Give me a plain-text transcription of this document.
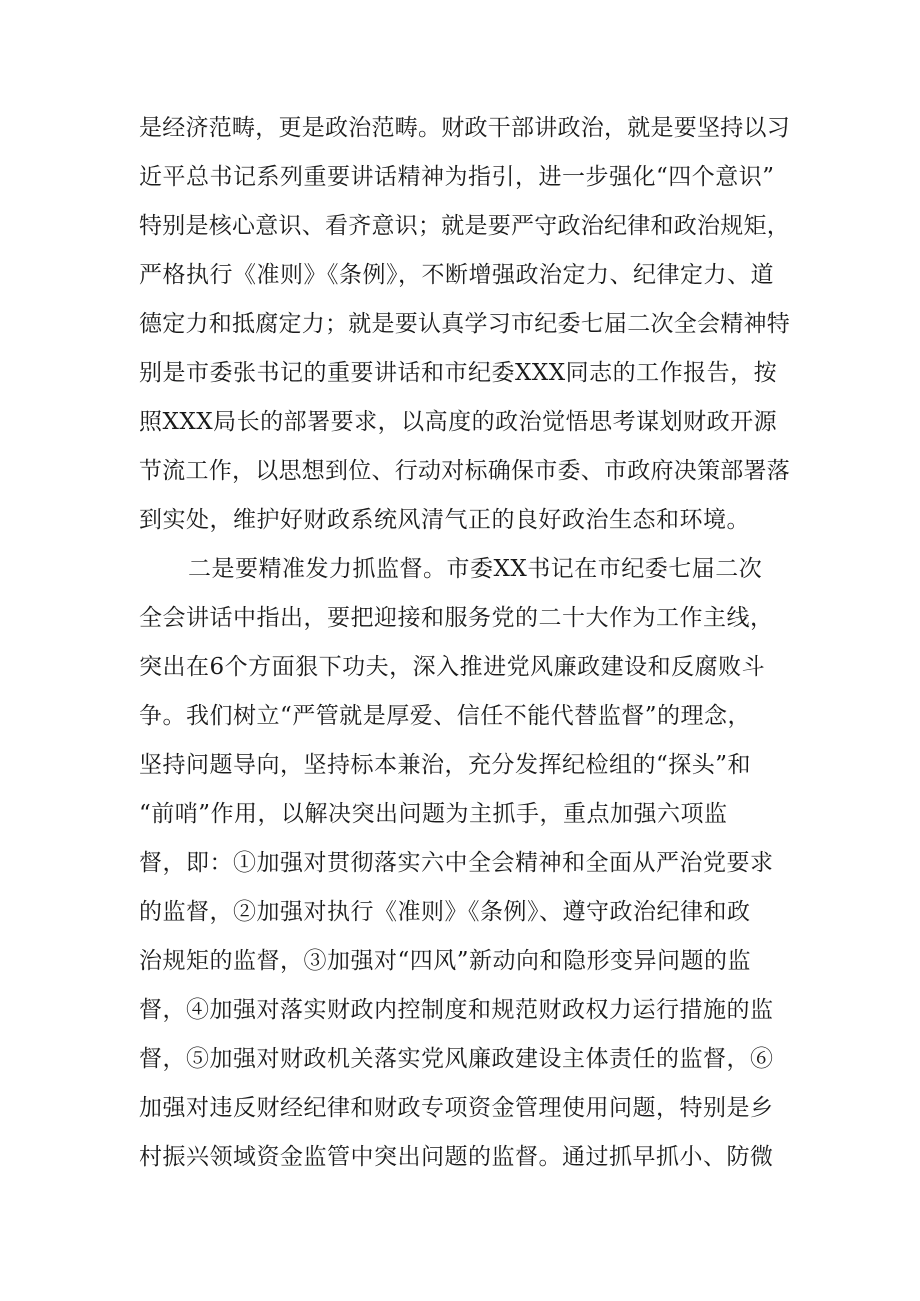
是经济范畴，更是政治范畴。财政干部讲政治，就是要坚持以习
近平总书记系列重要讲话精神为指引，进一步强化“四个意识”
特别是核心意识、看齐意识；就是要严守政治纪律和政治规矩，
严格执行《准则》《条例》，不断增强政治定力、纪律定力、道
德定力和抵腐定力；就是要认真学习市纪委七届二次全会精神特
别是市委张书记的重要讲话和市纪委XXX同志的工作报告，按
照XXX局长的部署要求，以高度的政治觉悟思考谋划财政开源
节流工作，以思想到位、行动对标确保市委、市政府决策部署落
到实处，维护好财政系统风清气正的良好政治生态和环境。
二是要精准发力抓监督。市委XX书记在市纪委七届二次
全会讲话中指出，要把迎接和服务党的二十大作为工作主线，
突出在6个方面狠下功夫，深入推进党风廉政建设和反腐败斗
争。我们树立“严管就是厚爱、信任不能代替监督”的理念，
坚持问题导向，坚持标本兼治，充分发挥纪检组的“探头”和
“前哨”作用，以解决突出问题为主抓手，重点加强六项监
督，即：①加强对贯彻落实六中全会精神和全面从严治党要求
的监督，②加强对执行《准则》《条例》、遵守政治纪律和政
治规矩的监督，③加强对“四风”新动向和隐形变异问题的监
督，④加强对落实财政内控制度和规范财政权力运行措施的监
督，⑤加强对财政机关落实党风廉政建设主体责任的监督，⑥
加强对违反财经纪律和财政专项资金管理使用问题，特别是乡
村振兴领域资金监管中突出问题的监督。通过抓早抓小、防微
